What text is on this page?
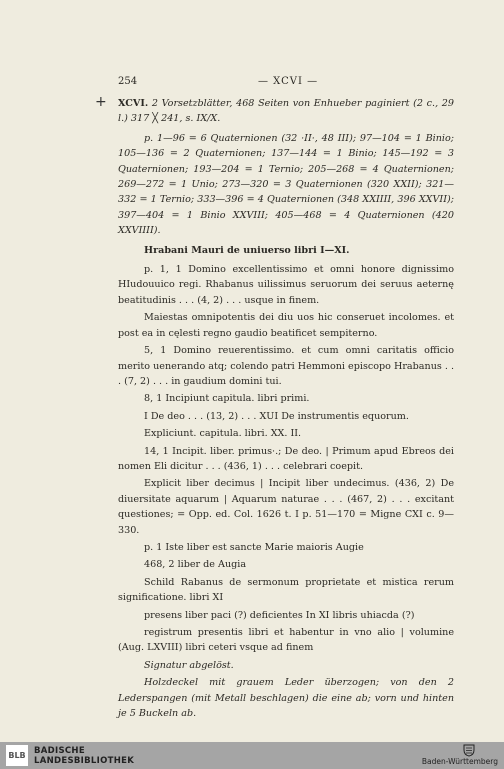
254	— XCVI —
+ XCVI. 2 Vorsetzblätter, 468 Seiten von Enhueber paginiert (2 c., 29 l.) 317 ╳ 241, s. IX/X.

p. 1—96 = 6 Quaternionen (32 ·II·, 48 III); 97—104 = 1 Binio; 105—136 = 2 Quaternionen; 137—144 = 1 Binio; 145—192 = 3 Quaternionen; 193—204 = 1 Ternio; 205—268 = 4 Quaternionen; 269—272 = 1 Unio; 273—320 = 3 Quaternionen (320 XXII); 321—332 = 1 Ternio; 333—396 = 4 Quaternionen (348 XXIIII, 396 XXVII); 397—404 = 1 Binio XXVIII; 405—468 = 4 Quaternionen (420 XXVIIII).

Hrabani Mauri de uniuerso libri I—XI.

p. 1, 1 Domino excellentissimo et omni honore dignissimo HIudouuico regi. Rhabanus uilissimus seruorum dei seruus aeternę beatitudinis . . . (4, 2) . . . usque in finem.

Maiestas omnipotentis dei diu uos hic conseruet incolomes. et post ea in cęlesti regno gaudio beatificet sempiterno.

5, 1 Domino reuerentissimo. et cum omni caritatis officio merito uenerando atq; colendo patri Hemmoni episcopo Hrabanus . . . (7, 2) . . . in gaudium domini tui.

8, 1 Incipiunt capitula. libri primi.

I De deo . . . (13, 2) . . . XUI De instrumentis equorum.

Expliciunt. capitula. libri. XX. II.

14, 1 Incipit. liber. primus·.; De deo. | Primum apud Ebreos dei nomen Eli dicitur . . . (436, 1) . . . celebrari coepit.

Explicit liber decimus | Incipit liber undecimus. (436, 2) De diuersitate aquarum | Aquarum naturae . . . (467, 2) . . . excitant questiones; = Opp. ed. Col. 1626 t. I p. 51—170 = Migne CXI c. 9—330.

p. 1 Iste liber est sancte Marie maioris Augie

468, 2 liber de Augia

Schild Rabanus de sermonum proprietate et mistica rerum significatione. libri XI

presens liber paci (?) deficientes In XI libris uhiacda (?)

registrum presentis libri et habentur in vno alio | volumine (Aug. LXVIII) libri ceteri vsque ad finem

Signatur abgelöst.

Holzdeckel mit grauem Leder überzogen; von den 2 Lederspangen (mit Metall beschlagen) die eine ab; vorn und hinten je 5 Buckeln ab.

BLB BADISCHE
LANDESBIBLIOTHEK	Baden-Württemberg
